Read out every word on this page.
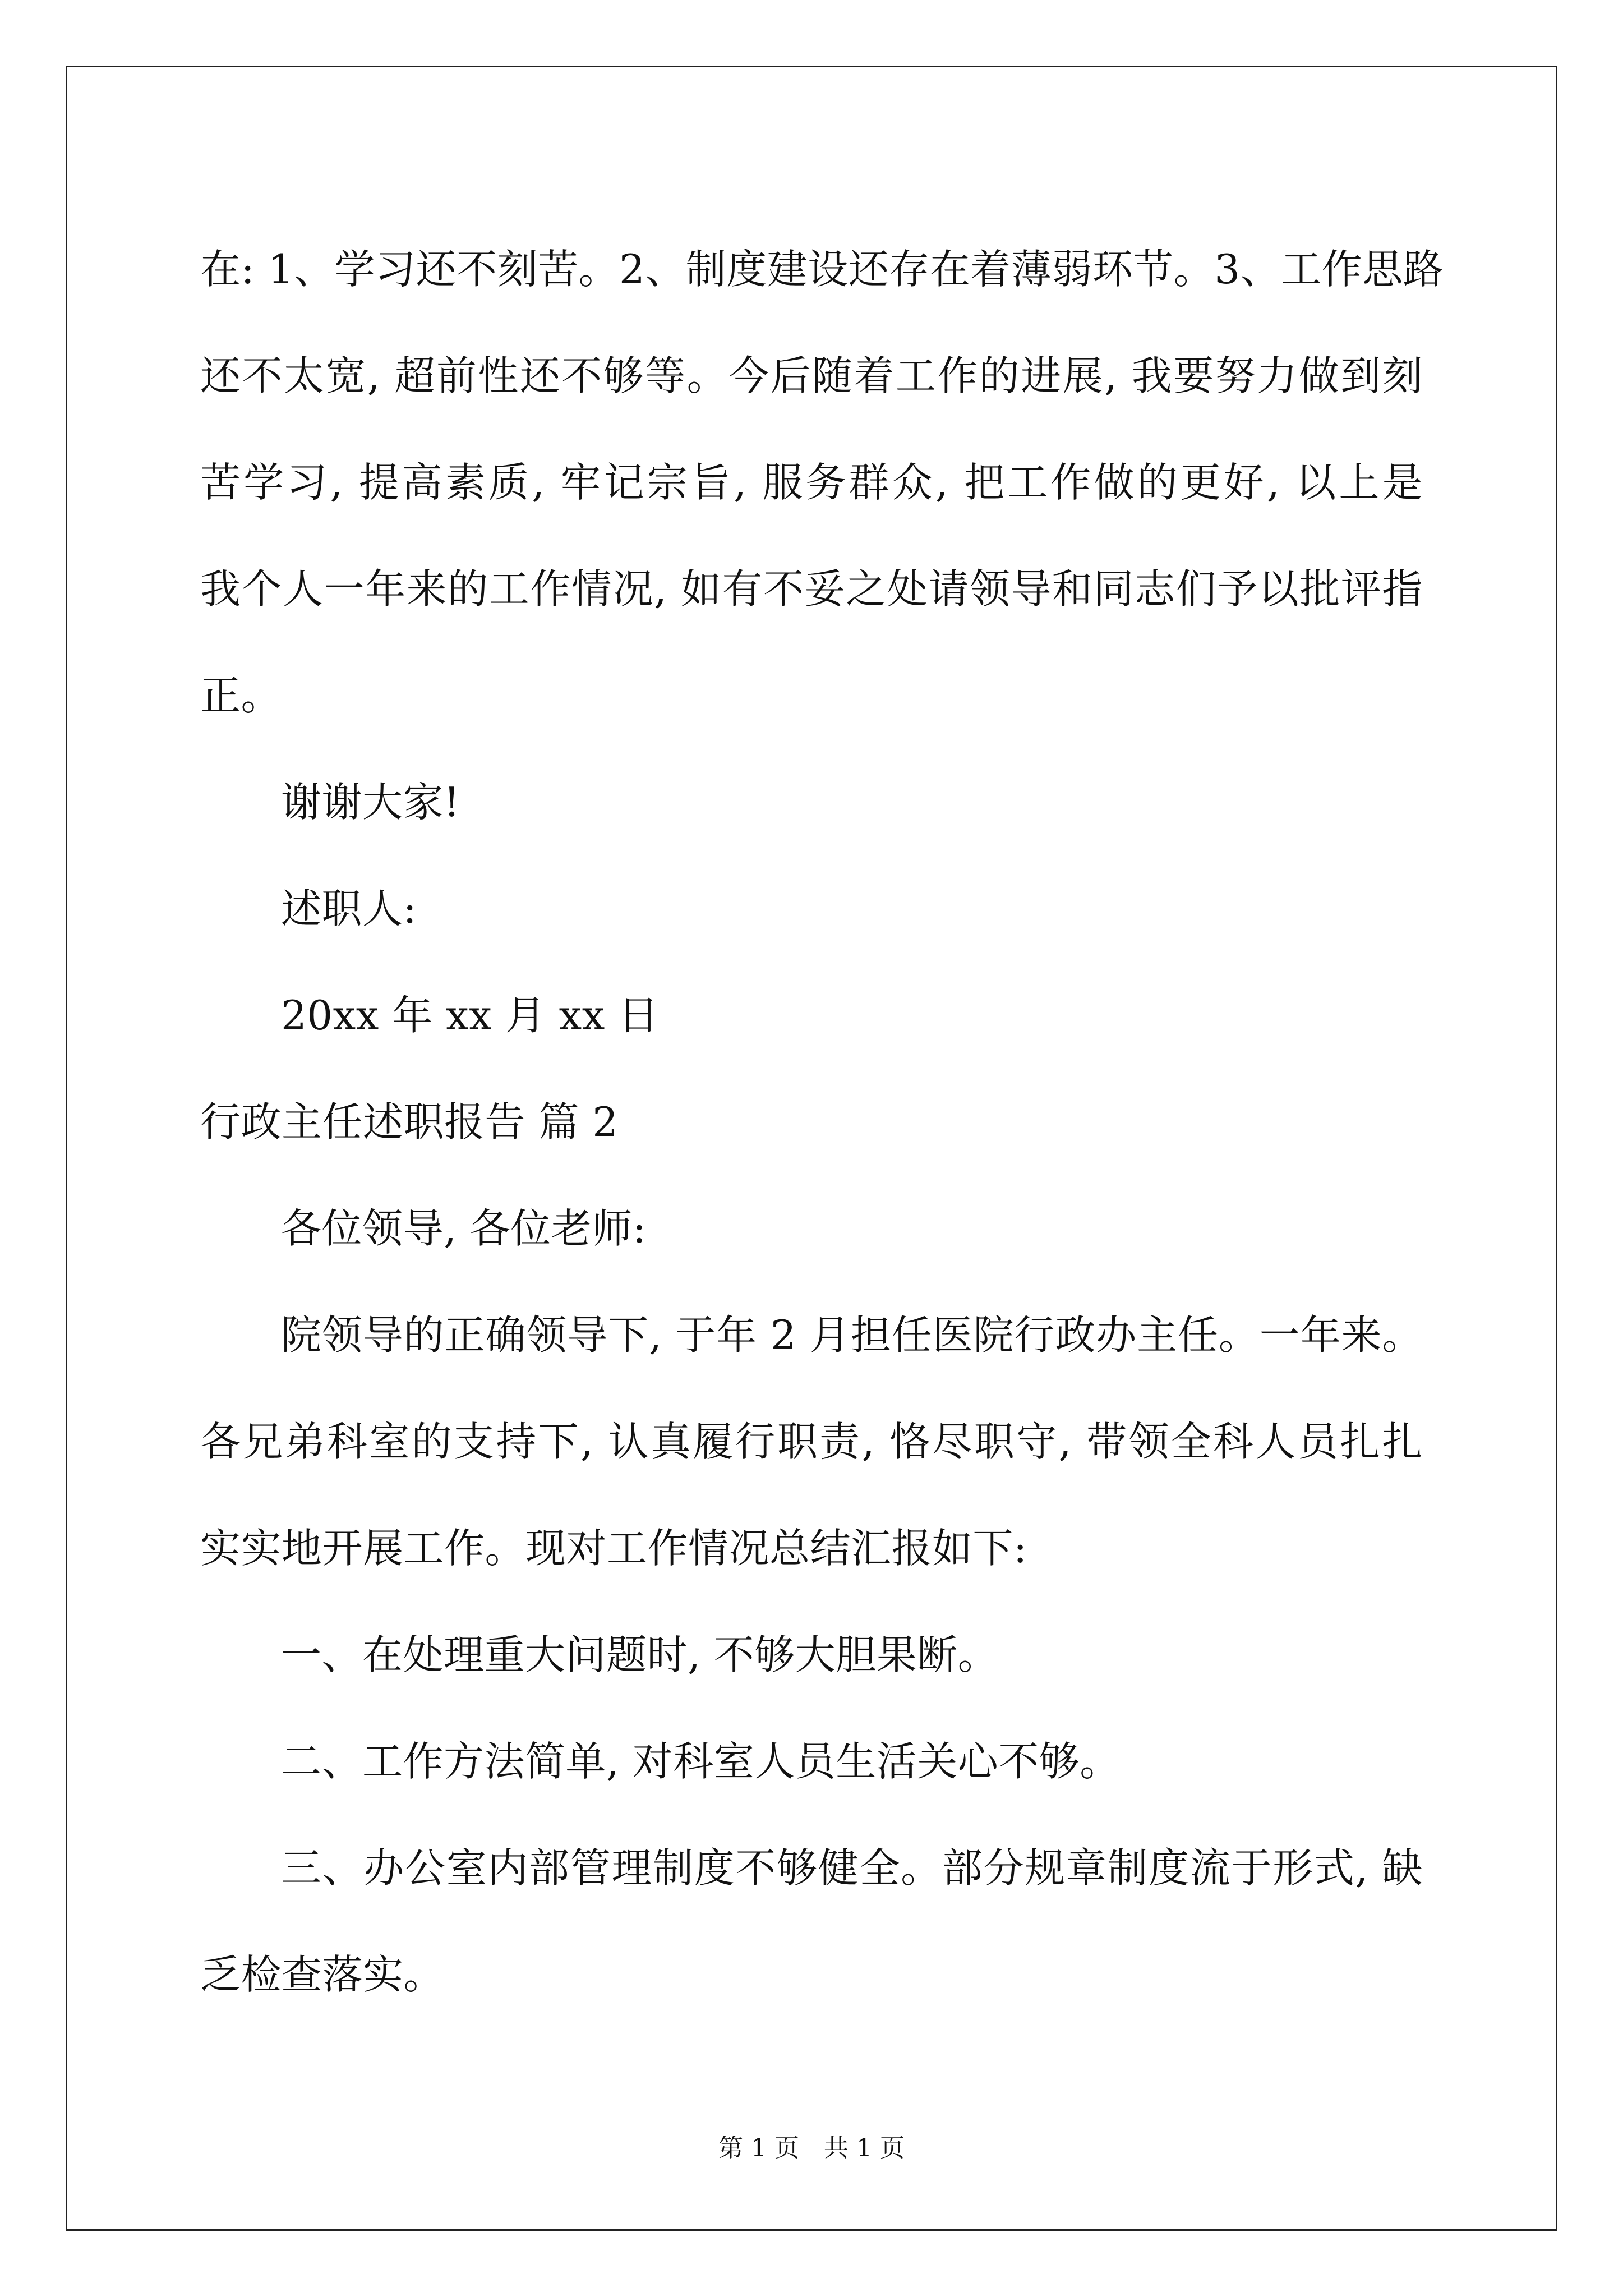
在: 1、学习还不刻苦。2、制度建设还存在着薄弱环节。3、工作思路
还不太宽, 超前性还不够等。今后随着工作的进展, 我要努力做到刻
苦学习, 提高素质, 牢记宗旨, 服务群众, 把工作做的更好, 以上是
我个人一年来的工作情况, 如有不妥之处请领导和同志们予以批评指
正。
谢谢大家!
述职人:
20xx 年 xx 月 xx 日
行政主任述职报告 篇 2
各位领导, 各位老师:
院领导的正确领导下, 于年 2 月担任医院行政办主任。一年来。
各兄弟科室的支持下, 认真履行职责, 恪尽职守, 带领全科人员扎扎
实实地开展工作。现对工作情况总结汇报如下:
一、在处理重大问题时, 不够大胆果断。
二、工作方法简单, 对科室人员生活关心不够。
三、办公室内部管理制度不够健全。部分规章制度流于形式, 缺
乏检查落实。
第 1 页 共 1 页
